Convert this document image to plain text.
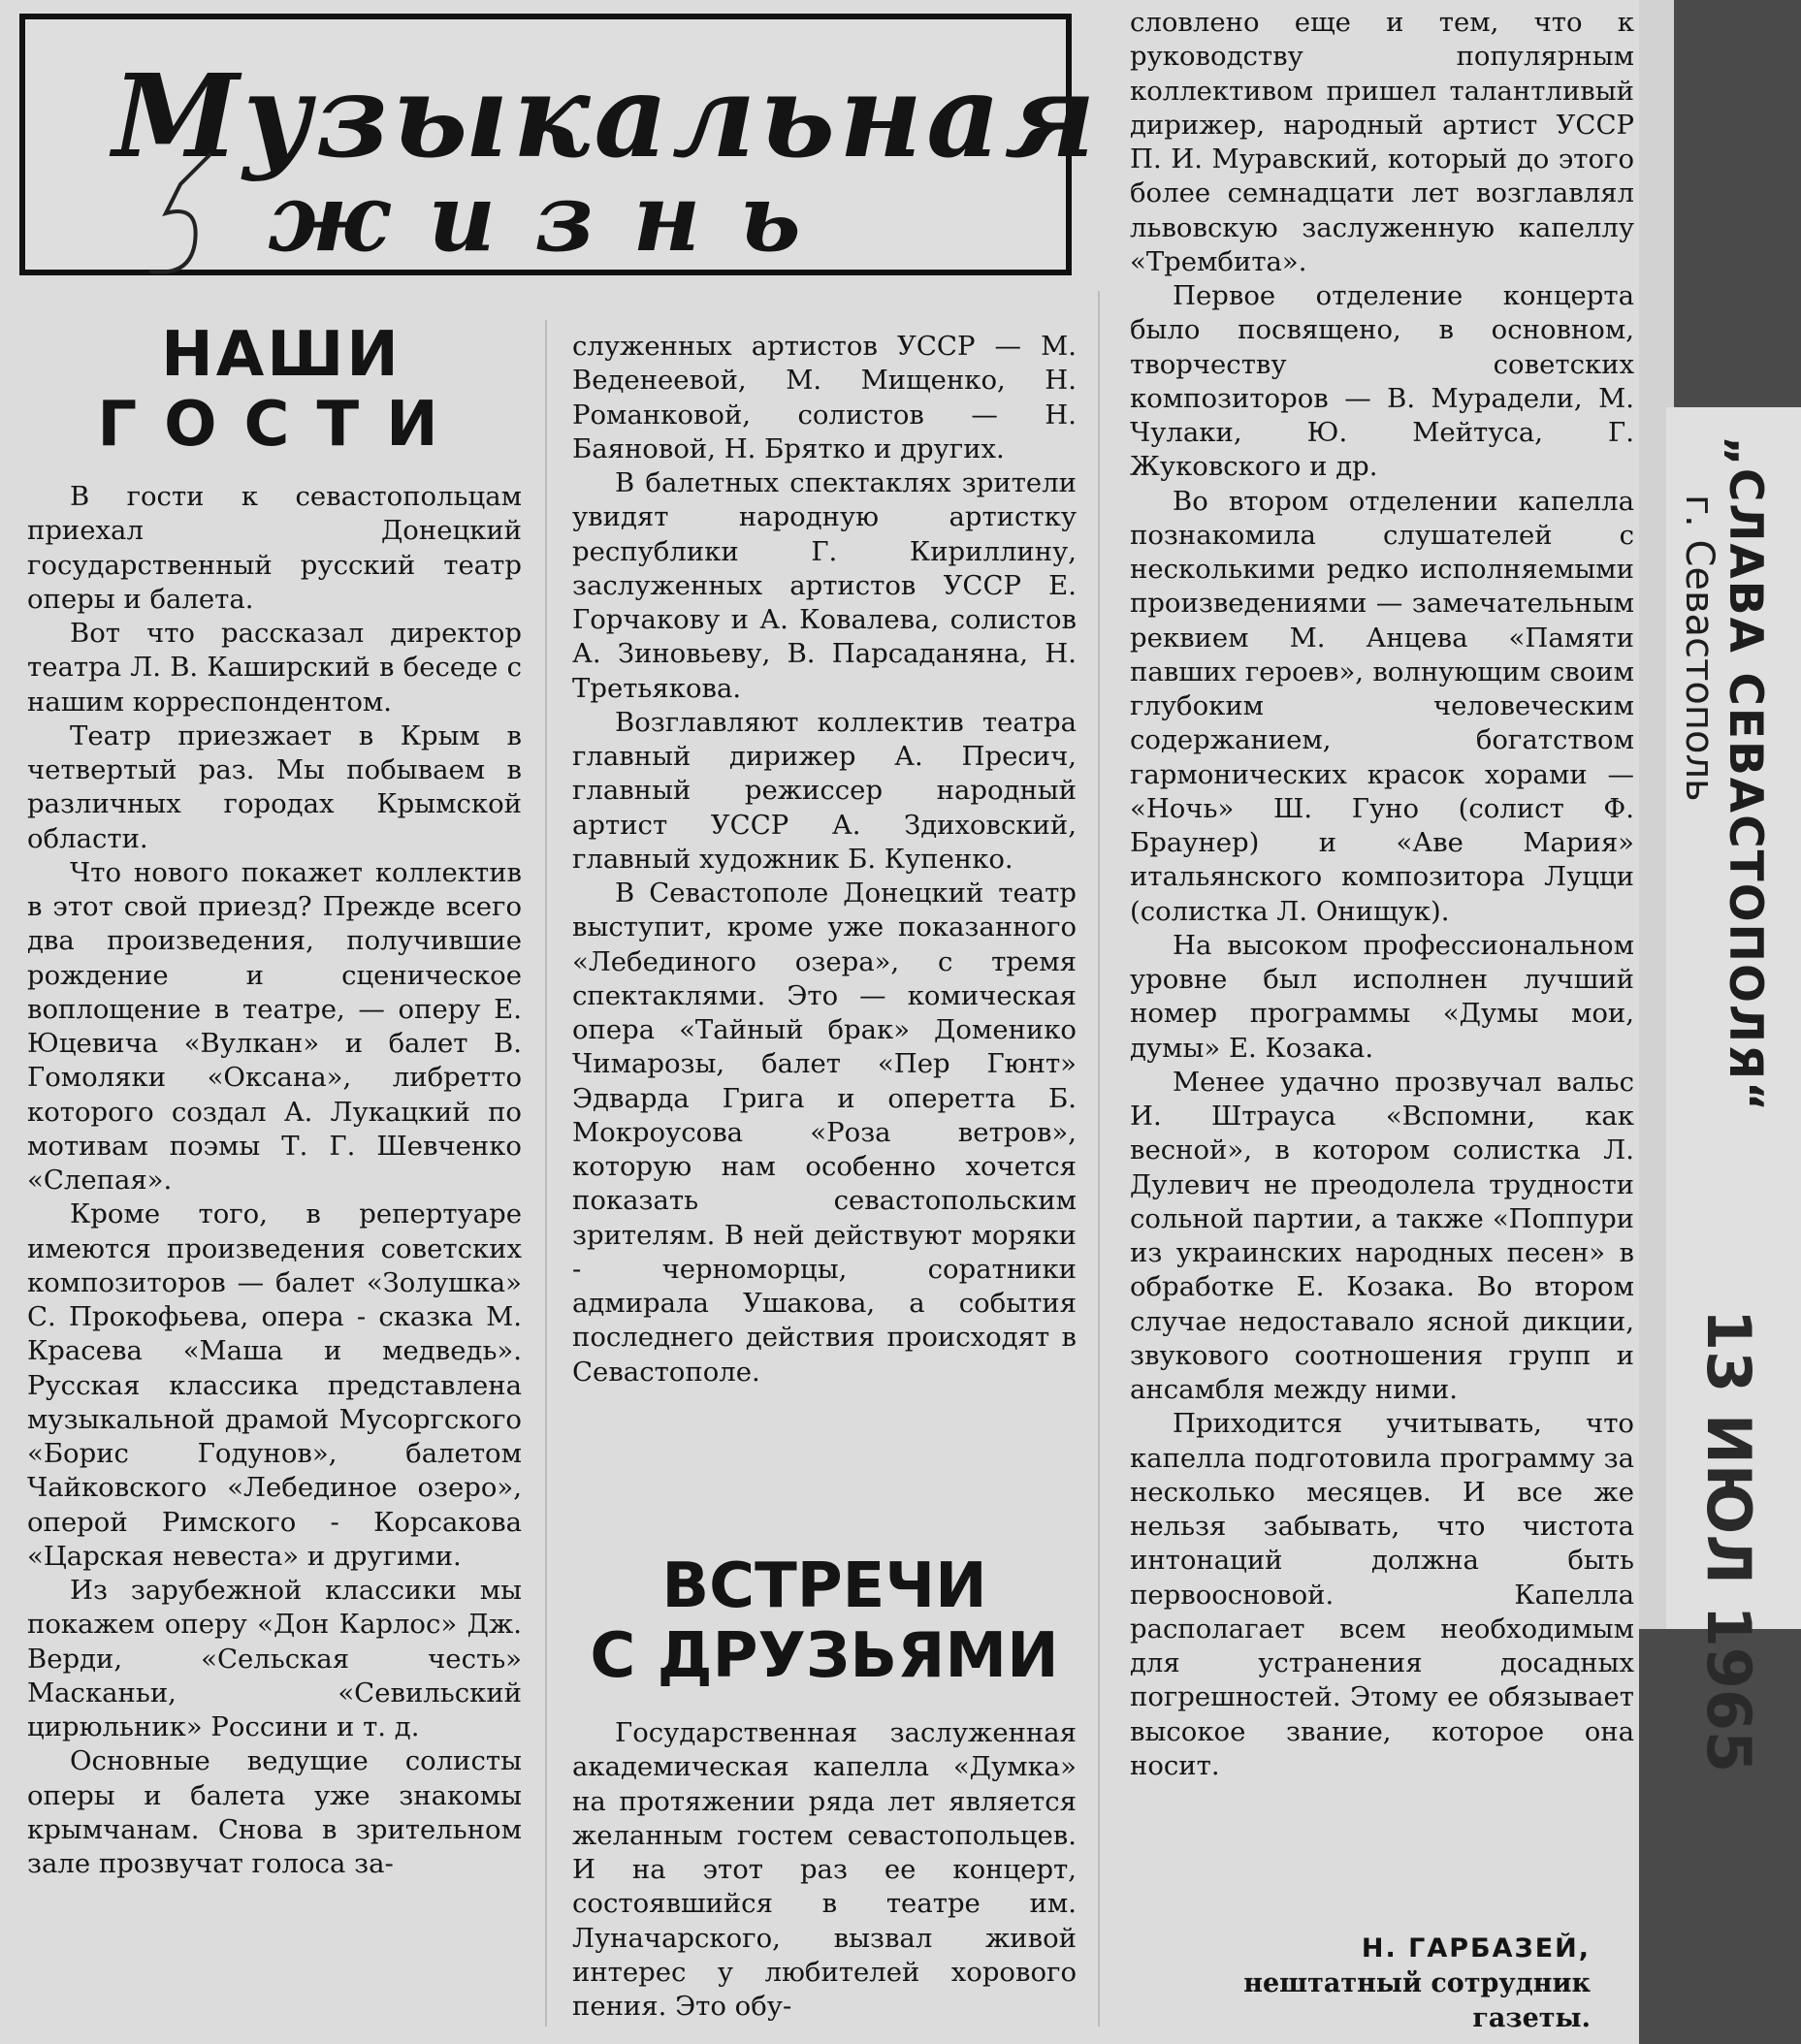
„СЛАВА СЕВАСТОПОЛЯ“
г. Севастополь
13 ИЮЛ 1965
Музыкальная
жизнь
НАШИ
ГОСТИ

В гости к севастопольцам приехал Донецкий государственный русский театр оперы и балета.

Вот что рассказал директор театра Л. В. Каширский в беседе с нашим корреспондентом.

Театр приезжает в Крым в четвертый раз. Мы побываем в различных городах Крымской области.

Что нового покажет коллектив в этот свой приезд? Прежде всего два произведения, получившие рождение и сценическое воплощение в театре, — оперу Е. Юцевича «Вулкан» и балет В. Гомоляки «Оксана», либретто которого создал А. Лукацкий по мотивам поэмы Т. Г. Шевченко «Слепая».

Кроме того, в репертуаре имеются произведения советских композиторов — балет «Золушка» С. Прокофьева, опера - сказка М. Красева «Маша и медведь». Русская классика представлена музыкальной драмой Мусоргского «Борис Годунов», балетом Чайковского «Лебединое озеро», оперой Римского - Корсакова «Царская невеста» и другими.

Из зарубежной классики мы покажем оперу «Дон Карлос» Дж. Верди, «Сельская честь» Масканьи, «Севильский цирюльник» Россини и т. д.

Основные ведущие солисты оперы и балета уже знакомы крымчанам. Снова в зрительном зале прозвучат голоса за-

служенных артистов УССР — М. Веденеевой, М. Мищенко, Н. Романковой, солистов — Н. Баяновой, Н. Брятко и других.

В балетных спектаклях зрители увидят народную артистку республики Г. Кириллину, заслуженных артистов УССР Е. Горчакову и А. Ковалева, солистов А. Зиновьеву, В. Парсаданяна, Н. Третьякова.

Возглавляют коллектив театра главный дирижер А. Пресич, главный режиссер народный артист УССР А. Здиховский, главный художник Б. Купенко.

В Севастополе Донецкий театр выступит, кроме уже показанного «Лебединого озера», с тремя спектаклями. Это — комическая опера «Тайный брак» Доменико Чимарозы, балет «Пер Гюнт» Эдварда Грига и оперетта Б. Мокроусова «Роза ветров», которую нам особенно хочется показать севастопольским зрителям. В ней действуют моряки - черноморцы, соратники адмирала Ушакова, а события последнего действия происходят в Севастополе.

ВСТРЕЧИ
С ДРУЗЬЯМИ

Государственная заслуженная академическая капелла «Думка» на протяжении ряда лет является желанным гостем севастопольцев. И на этот раз ее концерт, состоявшийся в театре им. Луначарского, вызвал живой интерес у любителей хорового пения. Это обу-

словлено еще и тем, что к руководству популярным коллективом пришел талантливый дирижер, народный артист УССР П. И. Муравский, который до этого более семнадцати лет возглавлял львовскую заслуженную капеллу «Трембита».

Первое отделение концерта было посвящено, в основном, творчеству советских композиторов — В. Мурадели, М. Чулаки, Ю. Мейтуса, Г. Жуковского и др.

Во втором отделении капелла познакомила слушателей с несколькими редко исполняемыми произведениями — замечательным реквием М. Анцева «Памяти павших героев», волнующим своим глубоким человеческим содержанием, богатством гармонических красок хорами — «Ночь» Ш. Гуно (солист Ф. Браунер) и «Аве Мария» итальянского композитора Луцци (солистка Л. Онищук).

На высоком профессиональном уровне был исполнен лучший номер программы «Думы мои, думы» Е. Козака.

Менее удачно прозвучал вальс И. Штрауса «Вспомни, как весной», в котором солистка Л. Дулевич не преодолела трудности сольной партии, а также «Поппури из украинских народных песен» в обработке Е. Козака. Во втором случае недоставало ясной дикции, звукового соотношения групп и ансамбля между ними.

Приходится учитывать, что капелла подготовила программу за несколько месяцев. И все же нельзя забывать, что чистота интонаций должна быть первоосновой. Капелла располагает всем необходимым для устранения досадных погрешностей. Этому ее обязывает высокое звание, которое она носит.

Н. ГАРБАЗЕЙ,
нештатный сотрудник
газеты.
